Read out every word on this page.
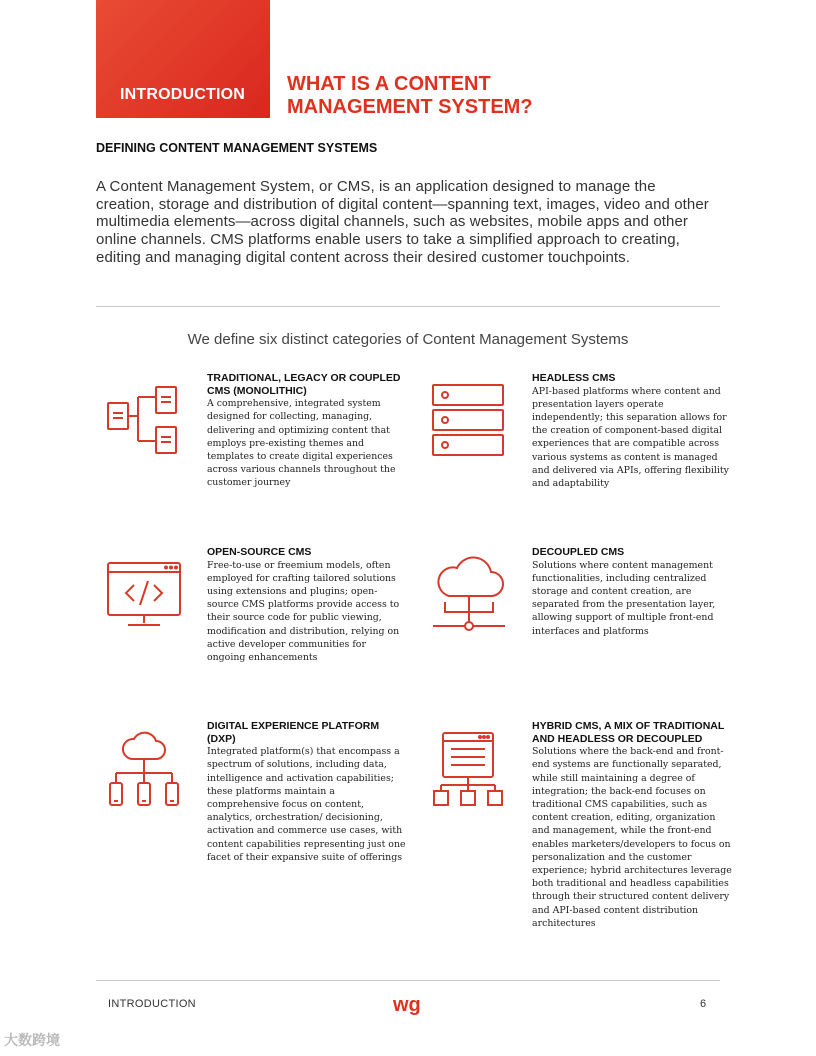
INTRODUCTION WHAT IS A CONTENT
MANAGEMENT SYSTEM?
DEFINING CONTENT MANAGEMENT SYSTEMS
A Content Management System, or CMS, is an application designed to manage the creation, storage and distribution of digital content—spanning text, images, video and other multimedia elements—across digital channels, such as websites, mobile apps and other online channels. CMS platforms enable users to take a simplified approach to creating, editing and managing digital content across their desired customer touchpoints.
We define six distinct categories of Content Management Systems
TRADITIONAL, LEGACY OR COUPLED CMS (MONOLITHIC)

A comprehensive, integrated system designed for collecting, managing, delivering and optimizing content that employs pre-existing themes and templates to create digital experiences across various channels throughout the customer journey

HEADLESS CMS

API-based platforms where content and presentation layers operate independently; this separation allows for the creation of component-based digital experiences that are compatible across various systems as content is managed and delivered via APIs, offering flexibility and adaptability

OPEN-SOURCE CMS

Free-to-use or freemium models, often employed for crafting tailored solutions using extensions and plugins; open-source CMS platforms provide access to their source code for public viewing, modification and distribution, relying on active developer communities for ongoing enhancements

DECOUPLED CMS

Solutions where content management functionalities, including centralized storage and content creation, are separated from the presentation layer, allowing support of multiple front-end interfaces and platforms

DIGITAL EXPERIENCE PLATFORM (DXP)

Integrated platform(s) that encompass a spectrum of solutions, including data, intelligence and activation capabilities; these platforms maintain a comprehensive focus on content, analytics, orchestration/ decisioning, activation and commerce use cases, with content capabilities representing just one facet of their expansive suite of offerings

HYBRID CMS, A MIX OF TRADITIONAL AND HEADLESS OR DECOUPLED

Solutions where the back-end and front-end systems are functionally separated, while still maintaining a degree of integration; the back-end focuses on traditional CMS capabilities, such as content creation, editing, organization and management, while the front-end enables marketers/developers to focus on personalization and the customer experience; hybrid architectures leverage both traditional and headless capabilities through their structured content delivery and API-based content distribution architectures

INTRODUCTION	wg	6
大数跨境
